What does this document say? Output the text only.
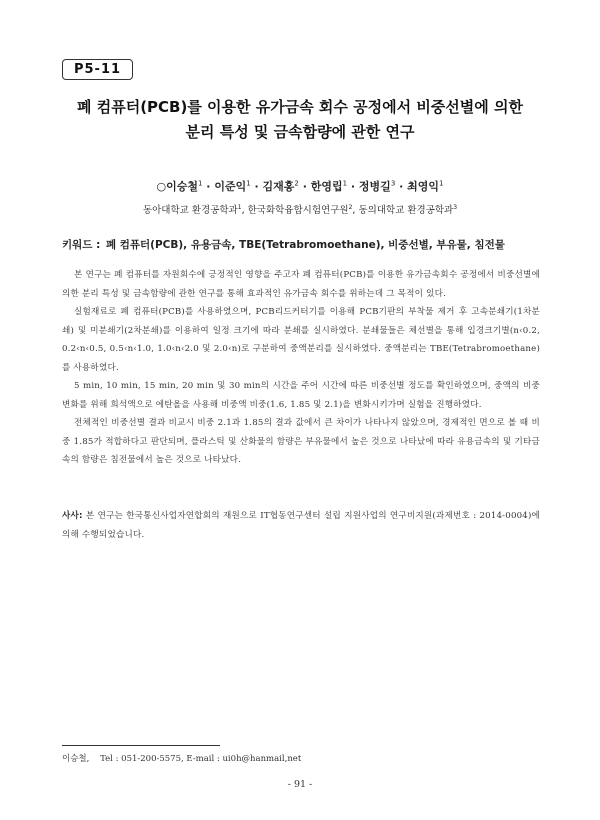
P5-11
폐 컴퓨터(PCB)를 이용한 유가금속 회수 공정에서 비중선별에 의한
분리 특성 및 금속함량에 관한 연구
○이승철$^1$ · 이준익$^1$ · 김재홍$^2$ · 한영립$^1$ · 정병길$^3$ · 최영익$^1$
동아대학교 환경공학과$^1$, 한국화학융합시험연구원$^2$, 동의대학교 환경공학과$^3$
키워드 : 폐 컴퓨터(PCB), 유용금속, TBE(Tetrabromoethane), 비중선별, 부유물, 침전물

본 연구는 폐 컴퓨터를 자원회수에 긍정적인 영향을 주고자 폐 컴퓨터(PCB)를 이용한 유가금속회수 공정에서 비중선별에 의한 분리 특성 및 금속함량에 관한 연구를 통해 효과적인 유가금속 회수를 위하는데 그 목적이 있다.

실험재료로 폐 컴퓨터(PCB)를 사용하였으며, PCB리드커터기를 이용해 PCB기판의 부착물 제거 후 고속분쇄기(1차분쇄) 및 미분쇄기(2차분쇄)를 이용하여 일정 크기에 따라 분쇄를 실시하였다. 분쇄물들은 체선별을 통해 입경크기별(n‹0.2, 0.2‹n‹0.5, 0.5‹n‹1.0, 1.0‹n‹2.0 및 2.0‹n)로 구분하여 중액분리를 실시하였다. 중액분리는 TBE(Tetrabromoethane)를 사용하였다.

5 min, 10 min, 15 min, 20 min 및 30 min의 시간을 주어 시간에 따른 비중선별 정도를 확인하였으며, 중액의 비중변화를 위해 희석액으로 에탄올을 사용해 비중액 비중(1.6, 1.85 및 2.1)을 변화시키가며 실험을 진행하였다.

전체적인 비중선별 결과 비교시 비중 2.1과 1.85의 결과 값에서 큰 차이가 나타나지 않았으며, 경제적인 면으로 볼 때 비중 1.85가 적합하다고 판단되며, 플라스틱 및 산화물의 함량은 부유물에서 높은 것으로 나타났에 따라 유용금속의 및 기타금속의 함량은 침전물에서 높은 것으로 나타났다.

사사: 본 연구는 한국통신사업자연합회의 재원으로 IT협동연구센터 설립 지원사업의 연구비지원(과제번호 : 2014-0004)에 의해 수행되었습니다.
이승철,    Tel : 051-200-5575, E-mail : ui0h@hanmail,net
- 91 -
